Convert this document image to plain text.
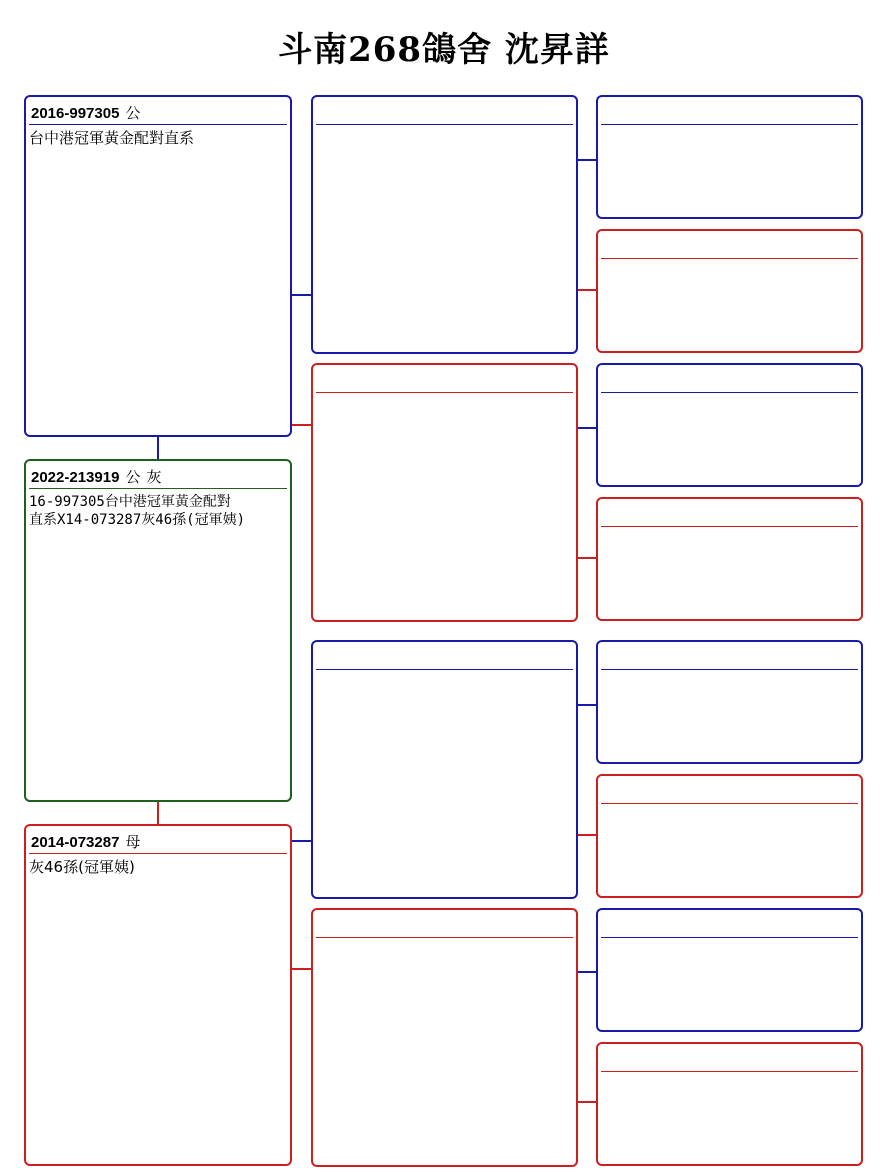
斗南268鴿舍 沈昇詳
2016-997305 公
台中港冠軍黃金配對直系
2022-213919 公 灰
16-997305台中港冠軍黃金配對
直系X14-073287灰46孫(冠軍姨)
2014-073287 母
灰46孫(冠軍姨)
